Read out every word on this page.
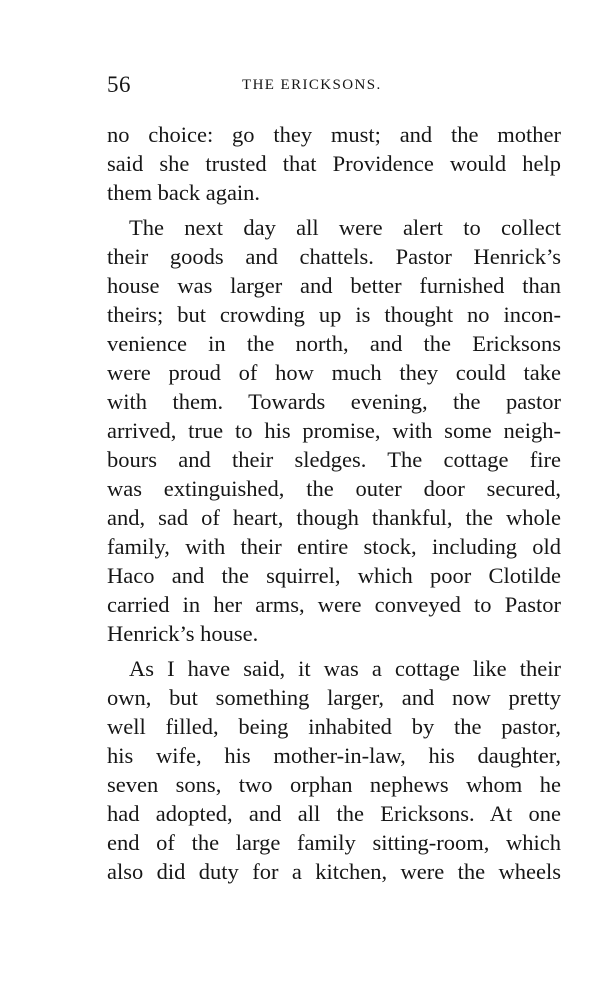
56	THE ERICKSONS.
no choice: go they must; and the mother
said she trusted that Providence would help
them back again.
The next day all were alert to collect
their goods and chattels. Pastor Henrick’s
house was larger and better furnished than
theirs; but crowding up is thought no incon-
venience in the north, and the Ericksons
were proud of how much they could take
with them. Towards evening, the pastor
arrived, true to his promise, with some neigh-
bours and their sledges. The cottage fire
was extinguished, the outer door secured,
and, sad of heart, though thankful, the whole
family, with their entire stock, including old
Haco and the squirrel, which poor Clotilde
carried in her arms, were conveyed to Pastor
Henrick’s house.
As I have said, it was a cottage like their
own, but something larger, and now pretty
well filled, being inhabited by the pastor,
his wife, his mother-in-law, his daughter,
seven sons, two orphan nephews whom he
had adopted, and all the Ericksons. At one
end of the large family sitting-room, which
also did duty for a kitchen, were the wheels
